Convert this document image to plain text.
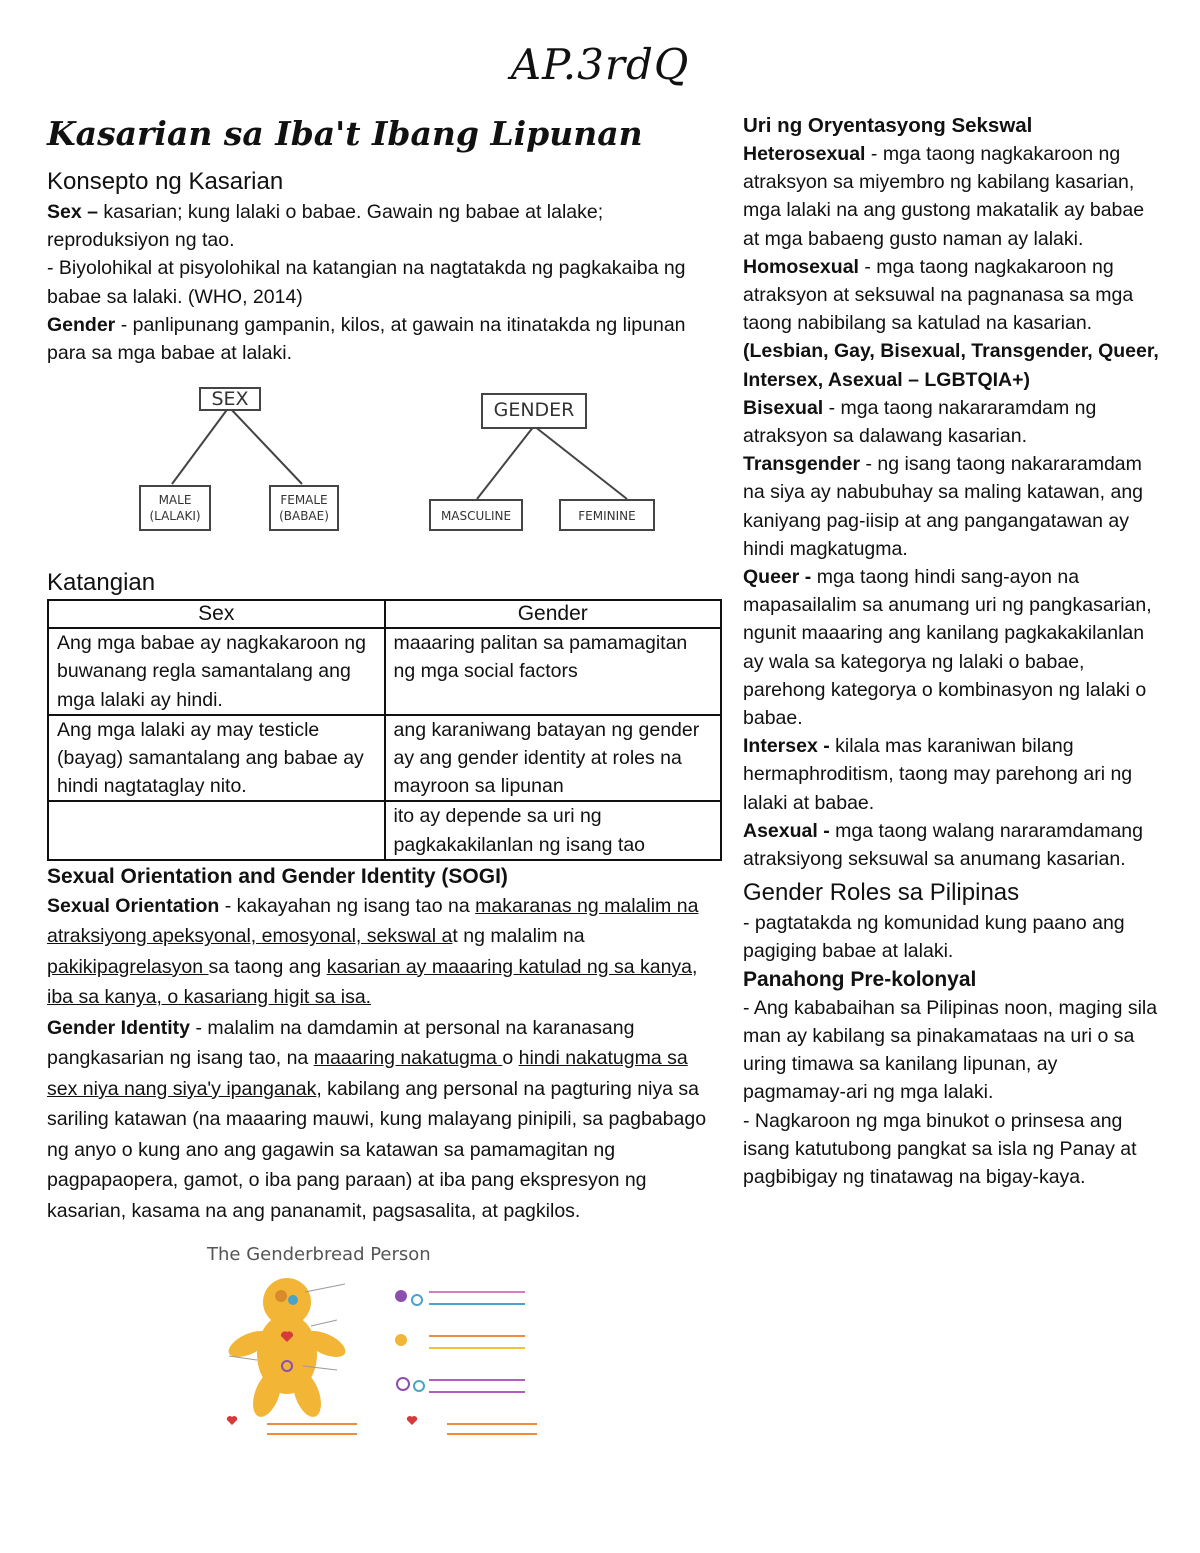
AP.3rdQ
Kasarian sa Iba't Ibang Lipunan
Konsepto ng Kasarian

Sex – kasarian; kung lalaki o babae. Gawain ng babae at lalake; reproduksiyon ng tao.

- Biyolohikal at pisyolohikal na katangian na nagtatakda ng pagkakaiba ng babae sa lalaki. (WHO, 2014)

Gender - panlipunang gampanin, kilos, at gawain na itinatakda ng lipunan para sa mga babae at lalaki.

SEX
MALE
(LALAKI)
FEMALE
(BABAE)
GENDER
MASCULINE	FEMININE
Katangian
Sex	Gender
Ang mga babae ay nagkakaroon ng buwanang regla samantalang ang mga lalaki ay hindi.	maaaring palitan sa pamamagitan ng mga social factors
Ang mga lalaki ay may testicle (bayag) samantalang ang babae ay hindi nagtataglay nito.	ang karaniwang batayan ng gender ay ang gender identity at roles na mayroon sa lipunan
	ito ay depende sa uri ng pagkakakilanlan ng isang tao
Sexual Orientation and Gender Identity (SOGI)

Sexual Orientation - kakayahan ng isang tao na makaranas ng malalim na atraksiyong apeksyonal, emosyonal, sekswal at ng malalim na pakikipagrelasyon sa taong ang kasarian ay maaaring katulad ng sa kanya, iba sa kanya, o kasariang higit sa isa.

Gender Identity - malalim na damdamin at personal na karanasang pangkasarian ng isang tao, na maaaring nakatugma o hindi nakatugma sa sex niya nang siya'y ipanganak, kabilang ang personal na pagturing niya sa sariling katawan (na maaaring mauwi, kung malayang pinipili, sa pagbabago ng anyo o kung ano ang gagawin sa katawan sa pamamagitan ng pagpapaopera, gamot, o iba pang paraan) at iba pang ekspresyon ng kasarian, kasama na ang pananamit, pagsasalita, at pagkilos.

The Genderbread Person
Uri ng Oryentasyong Sekswal

Heterosexual - mga taong nagkakaroon ng atraksyon sa miyembro ng kabilang kasarian, mga lalaki na ang gustong makatalik ay babae at mga babaeng gusto naman ay lalaki.

Homosexual - mga taong nagkakaroon ng atraksyon at seksuwal na pagnanasa sa mga taong nabibilang sa katulad na kasarian.

(Lesbian, Gay, Bisexual, Transgender, Queer, Intersex, Asexual – LGBTQIA+)

Bisexual - mga taong nakararamdam ng atraksyon sa dalawang kasarian.

Transgender - ng isang taong nakararamdam na siya ay nabubuhay sa maling katawan, ang kaniyang pag-iisip at ang pangangatawan ay hindi magkatugma.

Queer - mga taong hindi sang-ayon na mapasailalim sa anumang uri ng pangkasarian, ngunit maaaring ang kanilang pagkakakilanlan ay wala sa kategorya ng lalaki o babae, parehong kategorya o kombinasyon ng lalaki o babae.

Intersex - kilala mas karaniwan bilang hermaphroditism, taong may parehong ari ng lalaki at babae.

Asexual - mga taong walang nararamdamang atraksiyong seksuwal sa anumang kasarian.

Gender Roles sa Pilipinas

- pagtatakda ng komunidad kung paano ang pagiging babae at lalaki.

Panahong Pre-kolonyal

- Ang kababaihan sa Pilipinas noon, maging sila man ay kabilang sa pinakamataas na uri o sa uring timawa sa kanilang lipunan, ay pagmamay-ari ng mga lalaki.

- Nagkaroon ng mga binukot o prinsesa ang isang katutubong pangkat sa isla ng Panay at pagbibigay ng tinatawag na bigay-kaya.
